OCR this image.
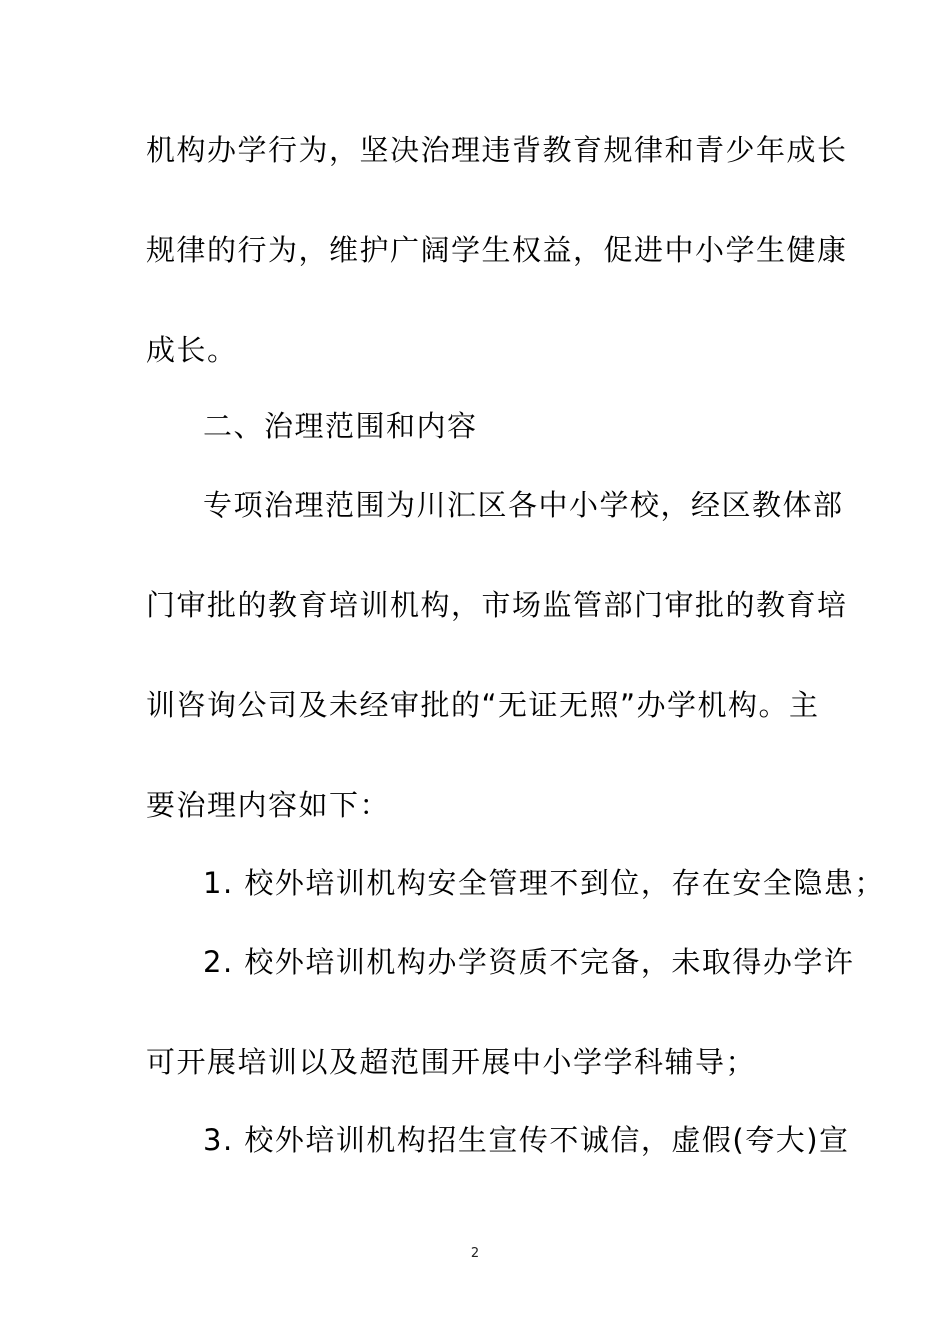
机构办学行为，坚决治理违背教育规律和青少年成长

规律的行为，维护广阔学生权益，促进中小学生健康

成长。

二、治理范围和内容

专项治理范围为川汇区各中小学校，经区教体部

门审批的教育培训机构，市场监管部门审批的教育培

训咨询公司及未经审批的“无证无照”办学机构。主

要治理内容如下：

1. 校外培训机构安全管理不到位，存在安全隐患；

2. 校外培训机构办学资质不完备，未取得办学许

可开展培训以及超范围开展中小学学科辅导；

3. 校外培训机构招生宣传不诚信，虚假(夸大)宣

2
